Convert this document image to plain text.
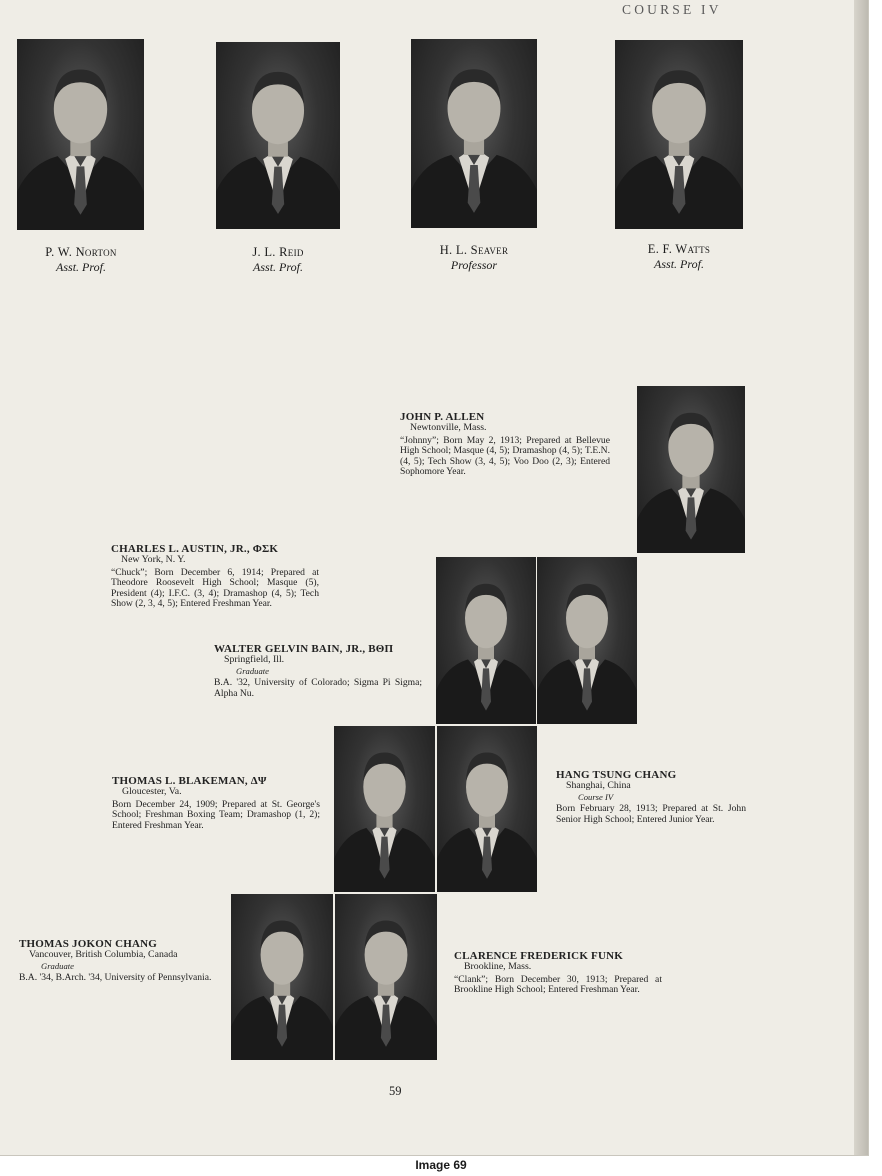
COURSE IV
P. W. Norton
Asst. Prof.
J. L. Reid
Asst. Prof.
H. L. Seaver
Professor
E. F. Watts
Asst. Prof.
JOHN P. ALLEN
Newtonville, Mass.
“Johnny”; Born May 2, 1913; Prepared at Bellevue High School; Masque (4, 5); Dramashop (4, 5); T.E.N. (4, 5); Tech Show (3, 4, 5); Voo Doo (2, 3); Entered Sophomore Year.
CHARLES L. AUSTIN, JR., ΦΣK
New York, N. Y.
“Chuck”; Born December 6, 1914; Prepared at Theodore Roosevelt High School; Masque (5), President (4); I.F.C. (3, 4); Dramashop (4, 5); Tech Show (2, 3, 4, 5); Entered Freshman Year.
WALTER GELVIN BAIN, JR., BΘΠ
Springfield, Ill.
Graduate
B.A. '32, University of Colorado; Sigma Pi Sigma; Alpha Nu.
THOMAS L. BLAKEMAN, ΔΨ
Gloucester, Va.
Born December 24, 1909; Prepared at St. George's School; Freshman Boxing Team; Dramashop (1, 2); Entered Freshman Year.
HANG TSUNG CHANG
Shanghai, China
Course IV
Born February 28, 1913; Prepared at St. John Senior High School; Entered Junior Year.
THOMAS JOKON CHANG
Vancouver, British Columbia, Canada
Graduate
B.A. '34, B.Arch. '34, University of Pennsylvania.
CLARENCE FREDERICK FUNK
Brookline, Mass.
“Clank”; Born December 30, 1913; Prepared at Brookline High School; Entered Freshman Year.
59
Image 69
